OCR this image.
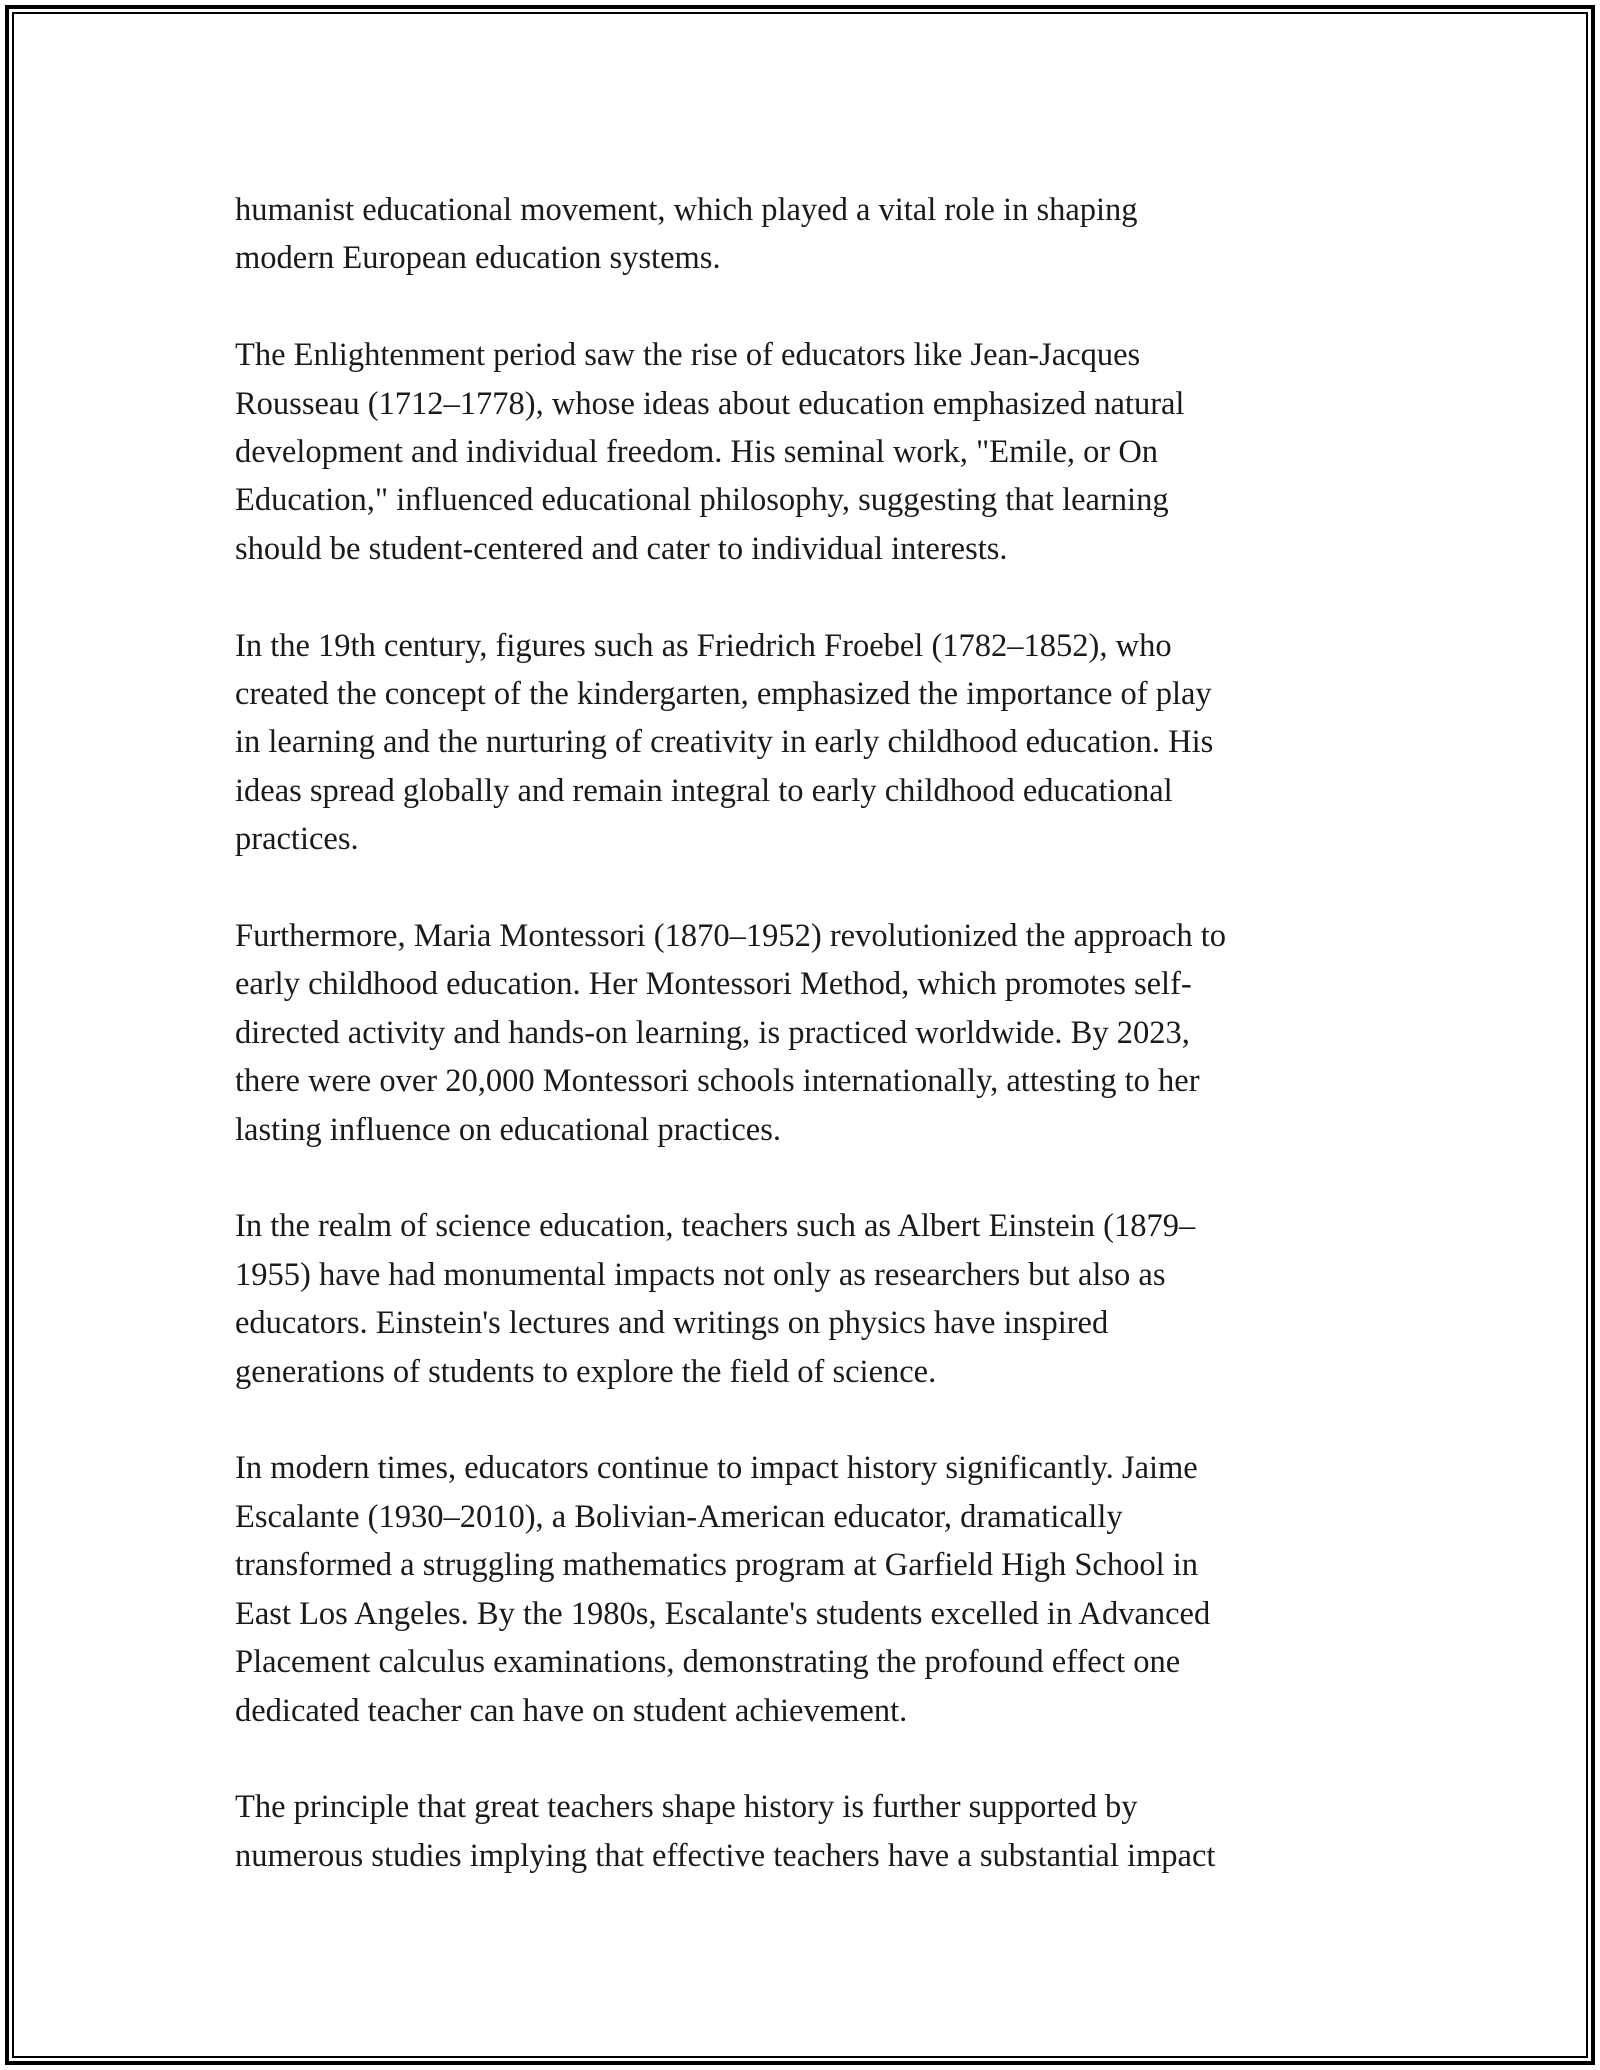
humanist educational movement, which played a vital role in shaping
modern European education systems.

The Enlightenment period saw the rise of educators like Jean-Jacques
Rousseau (1712–1778), whose ideas about education emphasized natural
development and individual freedom. His seminal work, "Emile, or On
Education," influenced educational philosophy, suggesting that learning
should be student-centered and cater to individual interests.

In the 19th century, figures such as Friedrich Froebel (1782–1852), who
created the concept of the kindergarten, emphasized the importance of play
in learning and the nurturing of creativity in early childhood education. His
ideas spread globally and remain integral to early childhood educational
practices.

Furthermore, Maria Montessori (1870–1952) revolutionized the approach to
early childhood education. Her Montessori Method, which promotes self-
directed activity and hands-on learning, is practiced worldwide. By 2023,
there were over 20,000 Montessori schools internationally, attesting to her
lasting influence on educational practices.

In the realm of science education, teachers such as Albert Einstein (1879–
1955) have had monumental impacts not only as researchers but also as
educators. Einstein's lectures and writings on physics have inspired
generations of students to explore the field of science.

In modern times, educators continue to impact history significantly. Jaime
Escalante (1930–2010), a Bolivian-American educator, dramatically
transformed a struggling mathematics program at Garfield High School in
East Los Angeles. By the 1980s, Escalante's students excelled in Advanced
Placement calculus examinations, demonstrating the profound effect one
dedicated teacher can have on student achievement.

The principle that great teachers shape history is further supported by
numerous studies implying that effective teachers have a substantial impact
